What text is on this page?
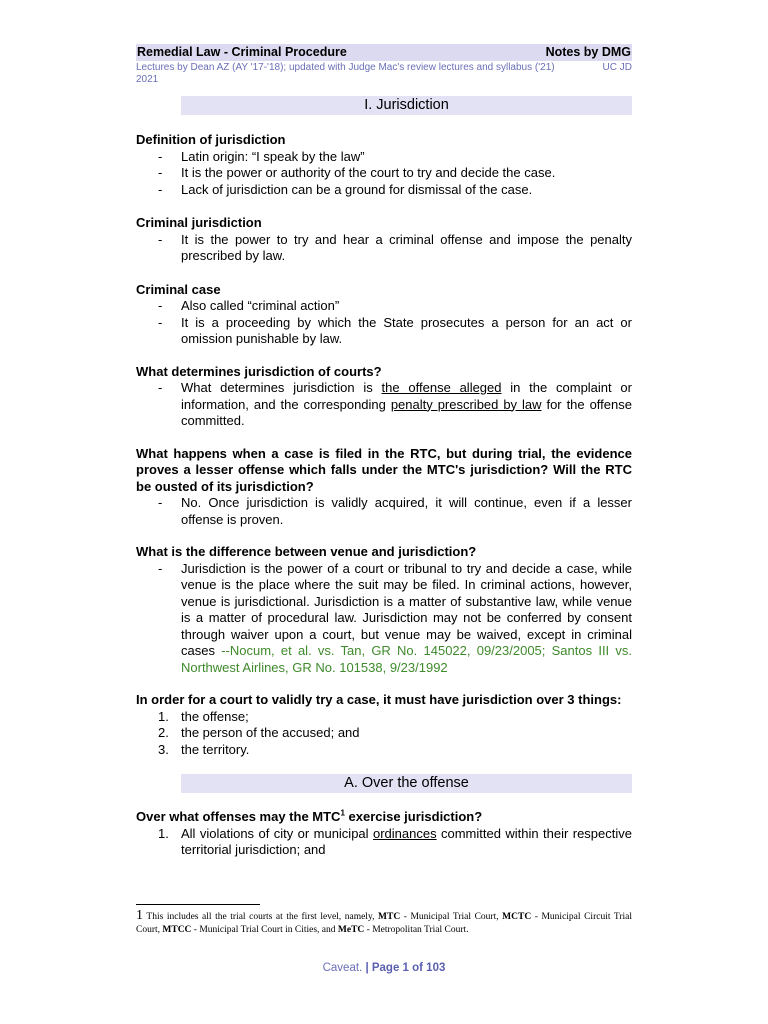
Remedial Law - Criminal Procedure	Notes by DMG
Lectures by Dean AZ (AY '17-'18); updated with Judge Mac's review lectures and syllabus ('21) 2021
UC JD
I. Jurisdiction
Definition of jurisdiction
- Latin origin: “I speak by the law”
- It is the power or authority of the court to try and decide the case.
- Lack of jurisdiction can be a ground for dismissal of the case.
Criminal jurisdiction
- It is the power to try and hear a criminal offense and impose the penalty prescribed by law.
Criminal case
- Also called “criminal action”
- It is a proceeding by which the State prosecutes a person for an act or omission punishable by law.
What determines jurisdiction of courts?
- What determines jurisdiction is the offense alleged in the complaint or information, and the corresponding penalty prescribed by law for the offense committed.
What happens when a case is filed in the RTC, but during trial, the evidence proves a lesser offense which falls under the MTC's jurisdiction? Will the RTC be ousted of its jurisdiction?
- No. Once jurisdiction is validly acquired, it will continue, even if a lesser offense is proven.
What is the difference between venue and jurisdiction?
- Jurisdiction is the power of a court or tribunal to try and decide a case, while venue is the place where the suit may be filed. In criminal actions, however, venue is jurisdictional. Jurisdiction is a matter of substantive law, while venue is a matter of procedural law. Jurisdiction may not be conferred by consent through waiver upon a court, but venue may be waived, except in criminal cases --Nocum, et al. vs. Tan, GR No. 145022, 09/23/2005; Santos III vs. Northwest Airlines, GR No. 101538, 9/23/1992
In order for a court to validly try a case, it must have jurisdiction over 3 things:
1. the offense;
2. the person of the accused; and
3. the territory.
A. Over the offense
Over what offenses may the MTC$^1$ exercise jurisdiction?
1. All violations of city or municipal ordinances committed within their respective territorial jurisdiction; and
1 This includes all the trial courts at the first level, namely, MTC - Municipal Trial Court, MCTC - Municipal Circuit Trial Court, MTCC - Municipal Trial Court in Cities, and MeTC - Metropolitan Trial Court.
Caveat. | Page 1 of 103
